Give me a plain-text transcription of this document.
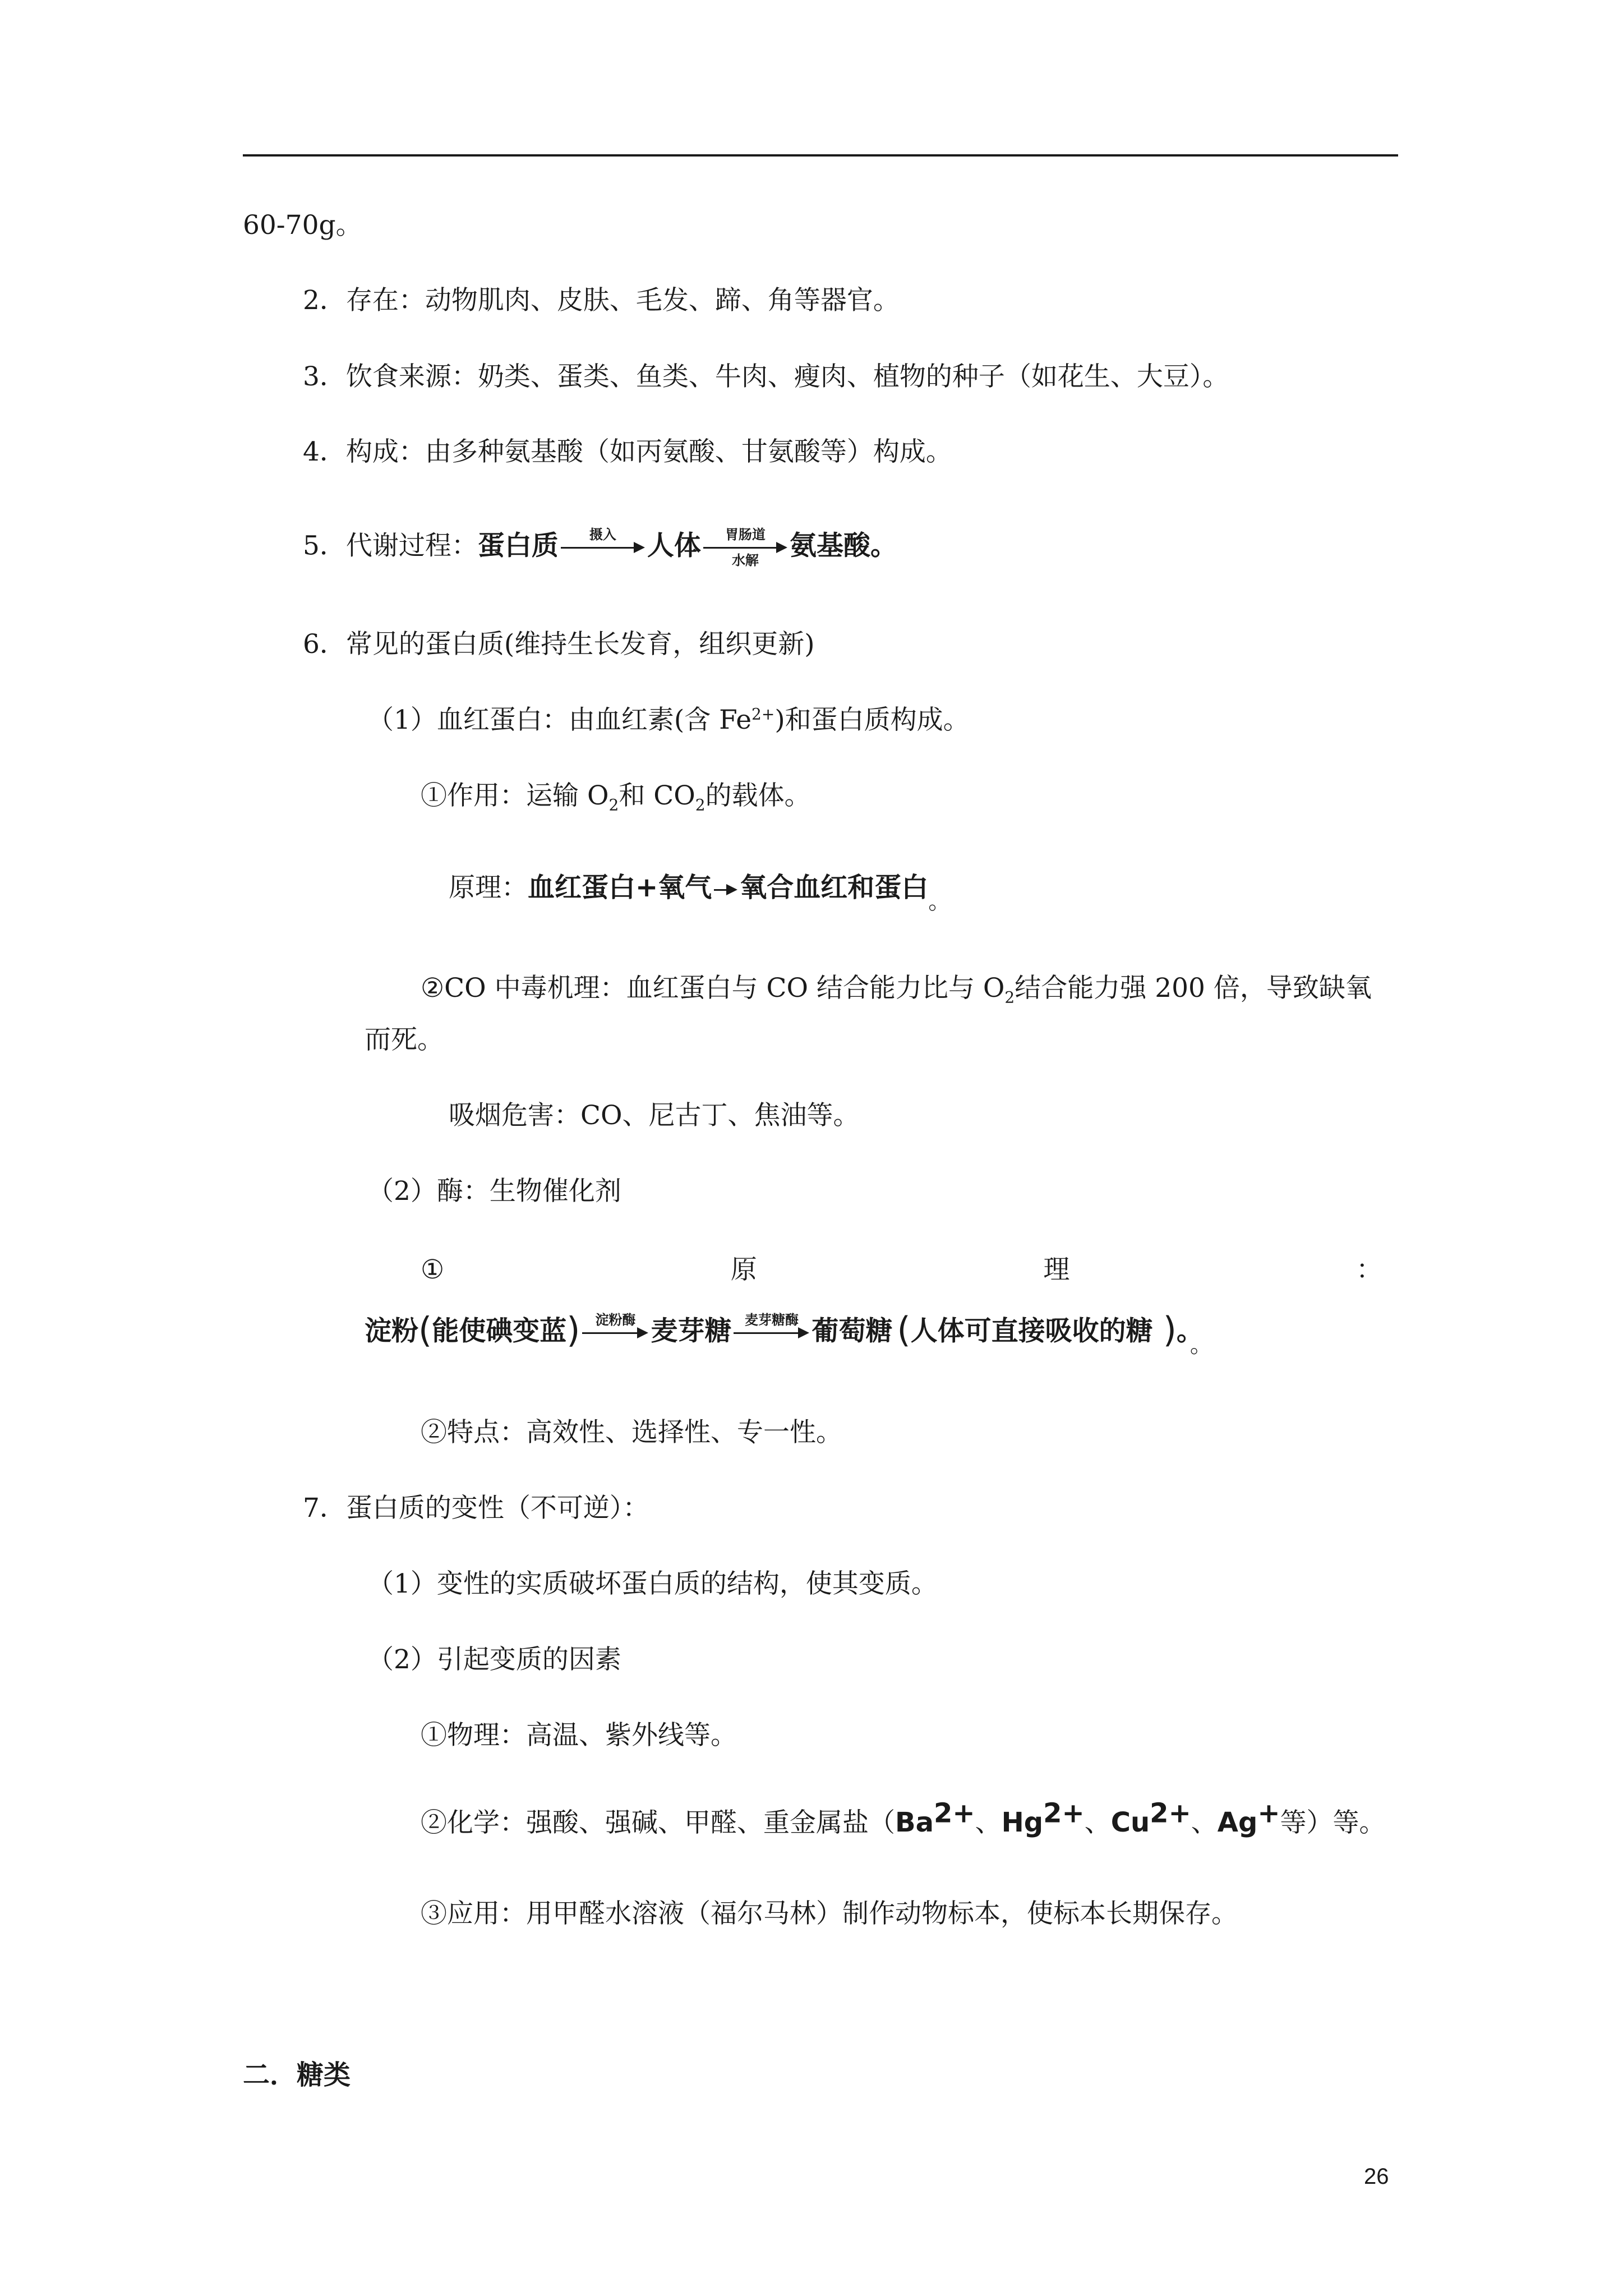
60-70g。
2．存在：动物肌肉、皮肤、毛发、蹄、角等器官。
3．饮食来源：奶类、蛋类、鱼类、牛肉、瘦肉、植物的种子（如花生、大豆）。
4．构成：由多种氨基酸（如丙氨酸、甘氨酸等）构成。
5．代谢过程：蛋白质 摄入 人体 胃肠道
水解 氨基酸。
6．常见的蛋白质(维持生长发育，组织更新)
（1）血红蛋白：由血红素(含 $Fe^{2+}$)和蛋白质构成。
①作用：运输 $O_2$和 $CO_2$的载体。
原理：血红蛋白+氧气 氧合血红和蛋白。
②CO 中毒机理：血红蛋白与 CO 结合能力比与 $O_2$结合能力强 200 倍，导致缺氧
而死。
吸烟危害：CO、尼古丁、焦油等。
（2）酶：生物催化剂
①	原	理	：
淀粉(能使碘变蓝) 淀粉酶 麦芽糖 麦芽糖酶 葡萄糖 (人体可直接吸收的糖 )。。
②特点：高效性、选择性、专一性。
7．蛋白质的变性（不可逆）：
（1）变性的实质破坏蛋白质的结构，使其变质。
（2）引起变质的因素
①物理：高温、紫外线等。
②化学：强酸、强碱、甲醛、重金属盐（$Ba^{2+}$、$Hg^{2+}$、$Cu^{2+}$、Ag+等）等。
③应用：用甲醛水溶液（福尔马林）制作动物标本，使标本长期保存。
二．糖类
26
